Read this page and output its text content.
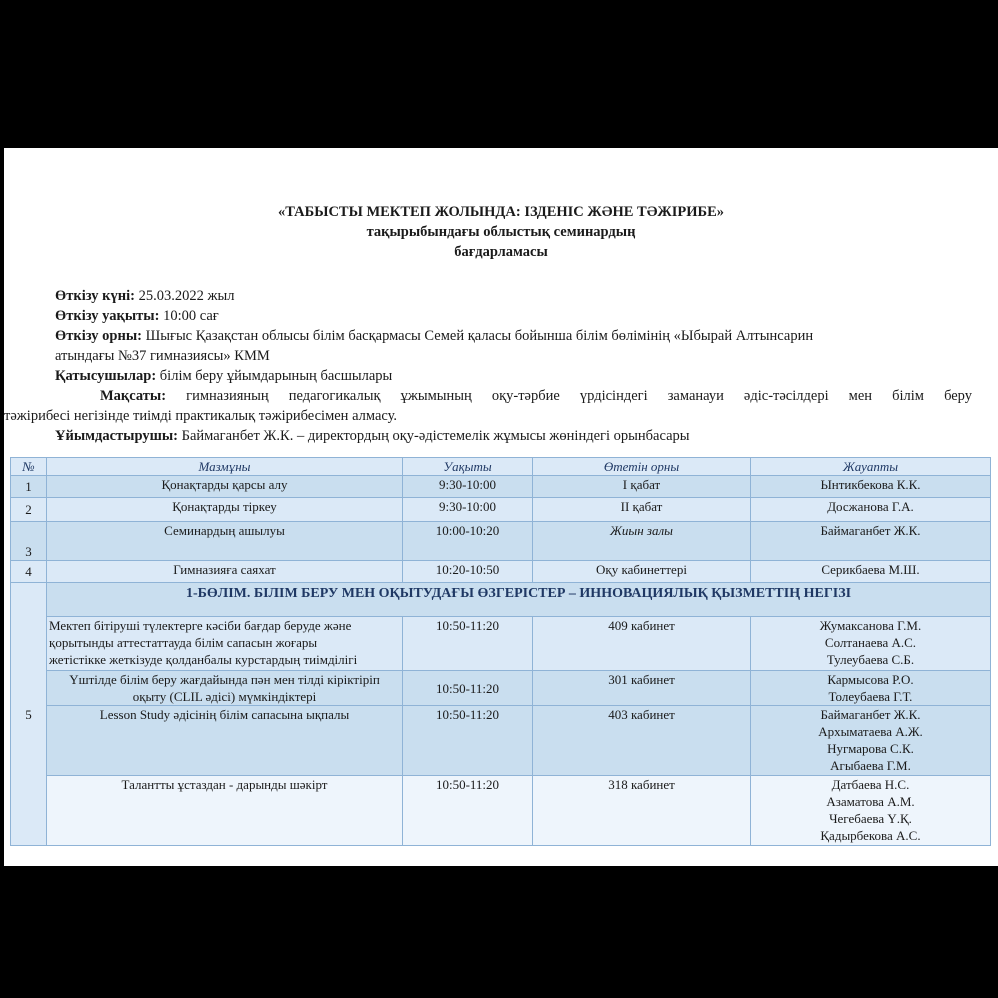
«ТАБЫСТЫ МЕКТЕП ЖОЛЫНДА: ІЗДЕНІС ЖӘНЕ ТӘЖІРИБЕ»
тақырыбындағы облыстық семинардың
бағдарламасы
Өткізу күні: 25.03.2022 жыл
Өткізу уақыты: 10:00 сағ
Өткізу орны: Шығыс Қазақстан облысы білім басқармасы Семей қаласы бойынша білім бөлімінің «Ыбырай Алтынсарин
атындағы №37 гимназиясы» КММ
Қатысушылар: білім беру ұйымдарының басшылары
Мақсаты: гимназияның педагогикалық ұжымының оқу-тәрбие үрдісіндегі заманауи әдіс-тәсілдері мен білім беру
тәжірибесі негізінде тиімді практикалық тәжірибесімен алмасу.
Ұйымдастырушы: Баймаганбет Ж.К. – директордың оқу-әдістемелік жұмысы жөніндегі орынбасары
№	Мазмұны	Уақыты	Өтетін орны	Жауапты
1	Қонақтарды қарсы алу	9:30-10:00	І қабат	Ынтикбекова К.К.
2	Қонақтарды тіркеу	9:30-10:00	ІІ қабат	Досжанова Г.А.
3	Семинардың ашылуы	10:00-10:20	Жиын залы	Баймаганбет Ж.К.
4	Гимназияға саяхат	10:20-10:50	Оқу кабинеттері	Серикбаева М.Ш.
5	1-БӨЛІМ. БІЛІМ БЕРУ МЕН ОҚЫТУДАҒЫ ӨЗГЕРІСТЕР – ИННОВАЦИЯЛЫҚ ҚЫЗМЕТТІҢ НЕГІЗІ			

	Мектеп бітіруші түлектерге кәсіби бағдар беруде және
қорытынды аттестаттауда білім сапасын жоғары
жетістікке жеткізуде қолданбалы курстардың тиімділігі	10:50-11:20	409 кабинет	Жумаксанова Г.М.
Солтанаева А.С.
Тулеубаева С.Б.

	Үштілде білім беру жағдайында пән мен тілді кіріктіріп
оқыту (CLIL әдісі) мүмкіндіктері	10:50-11:20	301 кабинет	Кармысова Р.О.
Толеубаева Г.Т.

	Lesson Study әдісінің білім сапасына ықпалы	10:50-11:20	403 кабинет	Баймаганбет Ж.К.
Архыматаева А.Ж.
Нугмарова С.К.
Агыбаева Г.М.

	Талантты ұстаздан - дарынды шәкірт	10:50-11:20	318 кабинет	Датбаева Н.С.
Азаматова А.М.
Чегебаева Ү.Қ.
Қадырбекова А.С.
